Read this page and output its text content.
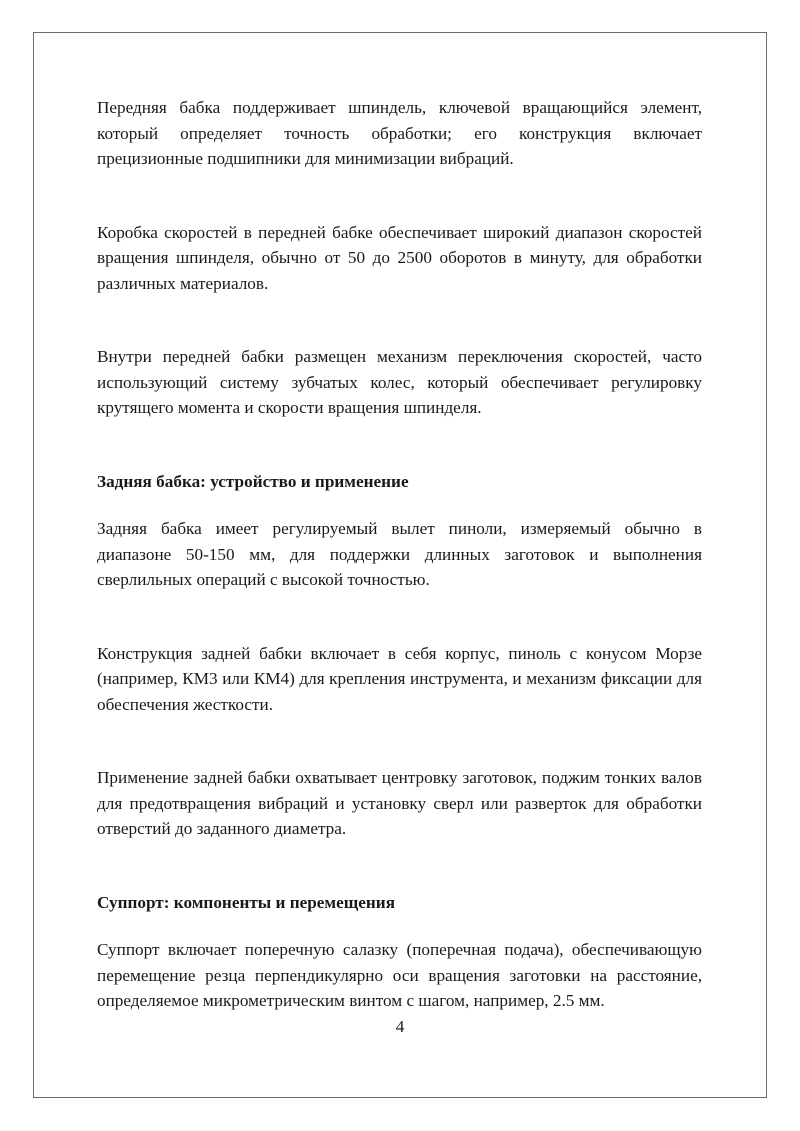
Передняя бабка поддерживает шпиндель, ключевой вращающийся элемент, который определяет точность обработки; его конструкция включает прецизионные подшипники для минимизации вибраций.

Коробка скоростей в передней бабке обеспечивает широкий диапазон скоростей вращения шпинделя, обычно от 50 до 2500 оборотов в минуту, для обработки различных материалов.

Внутри передней бабки размещен механизм переключения скоростей, часто использующий систему зубчатых колес, который обеспечивает регулировку крутящего момента и скорости вращения шпинделя.

Задняя бабка: устройство и применение

Задняя бабка имеет регулируемый вылет пиноли, измеряемый обычно в диапазоне 50-150 мм, для поддержки длинных заготовок и выполнения сверлильных операций с высокой точностью.

Конструкция задней бабки включает в себя корпус, пиноль с конусом Морзе (например, КМ3 или КМ4) для крепления инструмента, и механизм фиксации для обеспечения жесткости.

Применение задней бабки охватывает центровку заготовок, поджим тонких валов для предотвращения вибраций и установку сверл или разверток для обработки отверстий до заданного диаметра.

Суппорт: компоненты и перемещения

Суппорт включает поперечную салазку (поперечная подача), обеспечивающую перемещение резца перпендикулярно оси вращения заготовки на расстояние, определяемое микрометрическим винтом с шагом, например, 2.5 мм.

4
